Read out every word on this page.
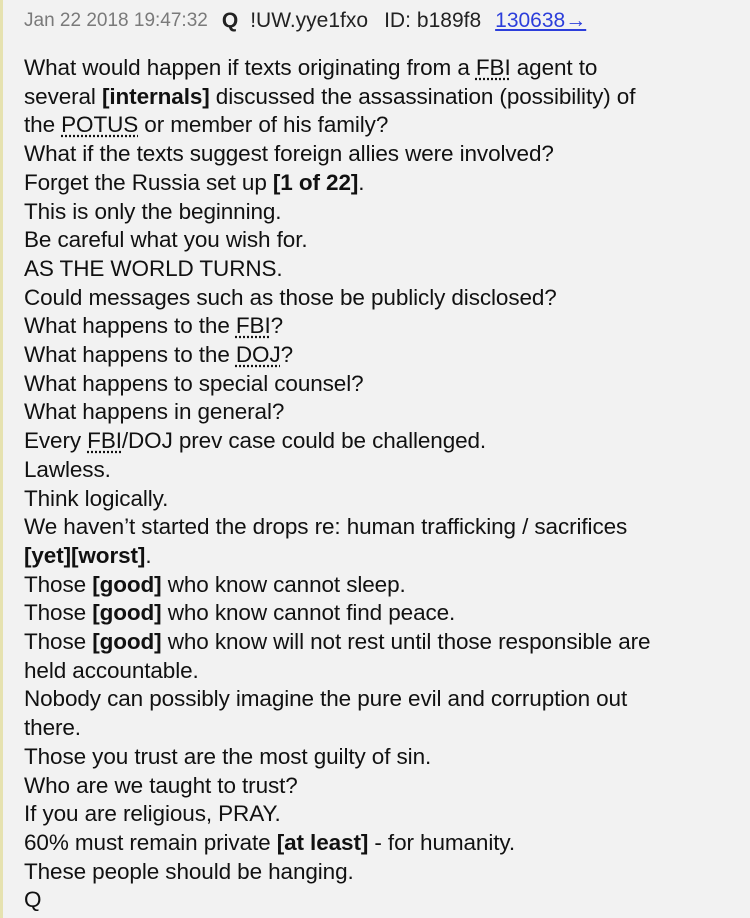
Jan 22 2018 19:47:32 Q !UW.yye1fxo ID: b189f8 130638→
What would happen if texts originating from a FBI agent to
several [internals] discussed the assassination (possibility) of
the POTUS or member of his family?
What if the texts suggest foreign allies were involved?
Forget the Russia set up [1 of 22].
This is only the beginning.
Be careful what you wish for.
AS THE WORLD TURNS.
Could messages such as those be publicly disclosed?
What happens to the FBI?
What happens to the DOJ?
What happens to special counsel?
What happens in general?
Every FBI/DOJ prev case could be challenged.
Lawless.
Think logically.
We haven’t started the drops re: human trafficking / sacrifices
[yet][worst].
Those [good] who know cannot sleep.
Those [good] who know cannot find peace.
Those [good] who know will not rest until those responsible are
held accountable.
Nobody can possibly imagine the pure evil and corruption out
there.
Those you trust are the most guilty of sin.
Who are we taught to trust?
If you are religious, PRAY.
60% must remain private [at least] - for humanity.
These people should be hanging.
Q
